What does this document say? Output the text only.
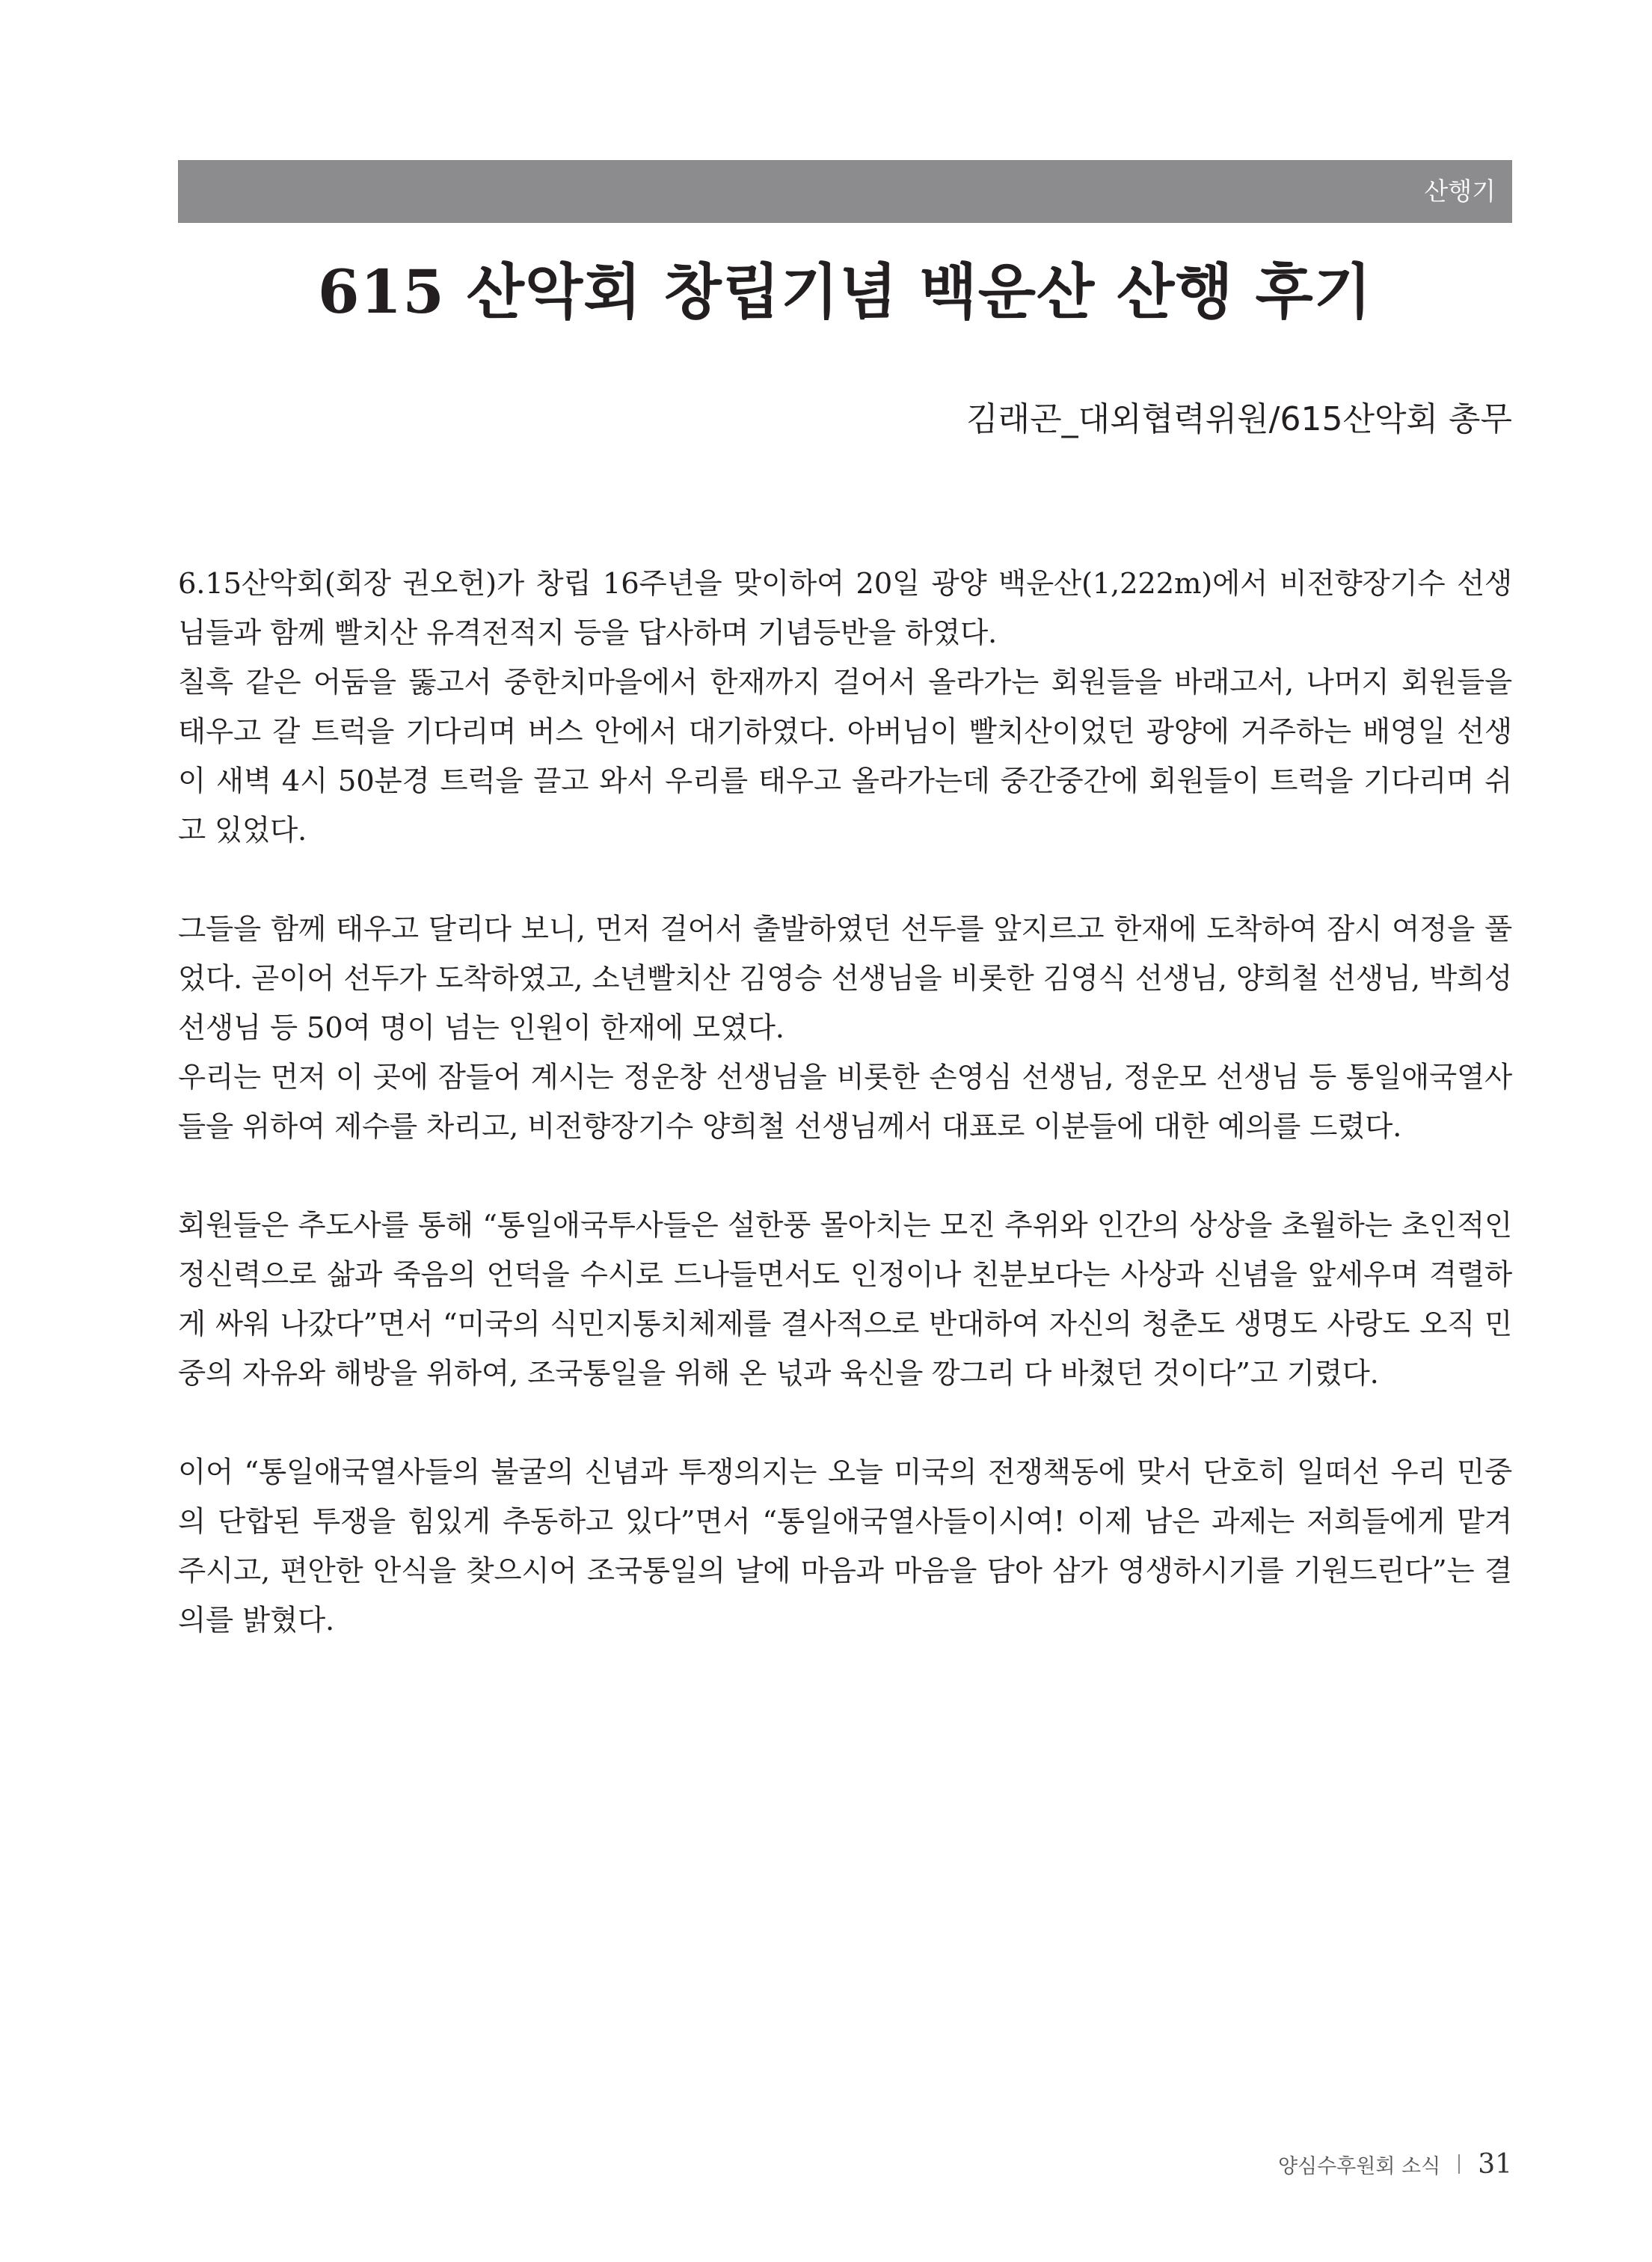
산행기
615 산악회 창립기념 백운산 산행 후기
김래곤_대외협력위원/615산악회 총무

6.15산악회(회장 권오헌)가 창립 16주년을 맞이하여 20일 광양 백운산(1,222m)에서 비전향장기수 선생님들과 함께 빨치산 유격전적지 등을 답사하며 기념등반을 하였다.

칠흑 같은 어둠을 뚫고서 중한치마을에서 한재까지 걸어서 올라가는 회원들을 바래고서, 나머지 회원들을 태우고 갈 트럭을 기다리며 버스 안에서 대기하였다. 아버님이 빨치산이었던 광양에 거주하는 배영일 선생이 새벽 4시 50분경 트럭을 끌고 와서 우리를 태우고 올라가는데 중간중간에 회원들이 트럭을 기다리며 쉬고 있었다.

그들을 함께 태우고 달리다 보니, 먼저 걸어서 출발하였던 선두를 앞지르고 한재에 도착하여 잠시 여정을 풀었다. 곧이어 선두가 도착하였고, 소년빨치산 김영승 선생님을 비롯한 김영식 선생님, 양희철 선생님, 박희성 선생님 등 50여 명이 넘는 인원이 한재에 모였다.

우리는 먼저 이 곳에 잠들어 계시는 정운창 선생님을 비롯한 손영심 선생님, 정운모 선생님 등 통일애국열사들을 위하여 제수를 차리고, 비전향장기수 양희철 선생님께서 대표로 이분들에 대한 예의를 드렸다.

회원들은 추도사를 통해 “통일애국투사들은 설한풍 몰아치는 모진 추위와 인간의 상상을 초월하는 초인적인 정신력으로 삶과 죽음의 언덕을 수시로 드나들면서도 인정이나 친분보다는 사상과 신념을 앞세우며 격렬하게 싸워 나갔다”면서 “미국의 식민지통치체제를 결사적으로 반대하여 자신의 청춘도 생명도 사랑도 오직 민중의 자유와 해방을 위하여, 조국통일을 위해 온 넋과 육신을 깡그리 다 바쳤던 것이다”고 기렸다.

이어 “통일애국열사들의 불굴의 신념과 투쟁의지는 오늘 미국의 전쟁책동에 맞서 단호히 일떠선 우리 민중의 단합된 투쟁을 힘있게 추동하고 있다”면서 “통일애국열사들이시여! 이제 남은 과제는 저희들에게 맡겨 주시고, 편안한 안식을 찾으시어 조국통일의 날에 마음과 마음을 담아 삼가 영생하시기를 기원드린다”는 결의를 밝혔다.

양심수후원회 소식 31
